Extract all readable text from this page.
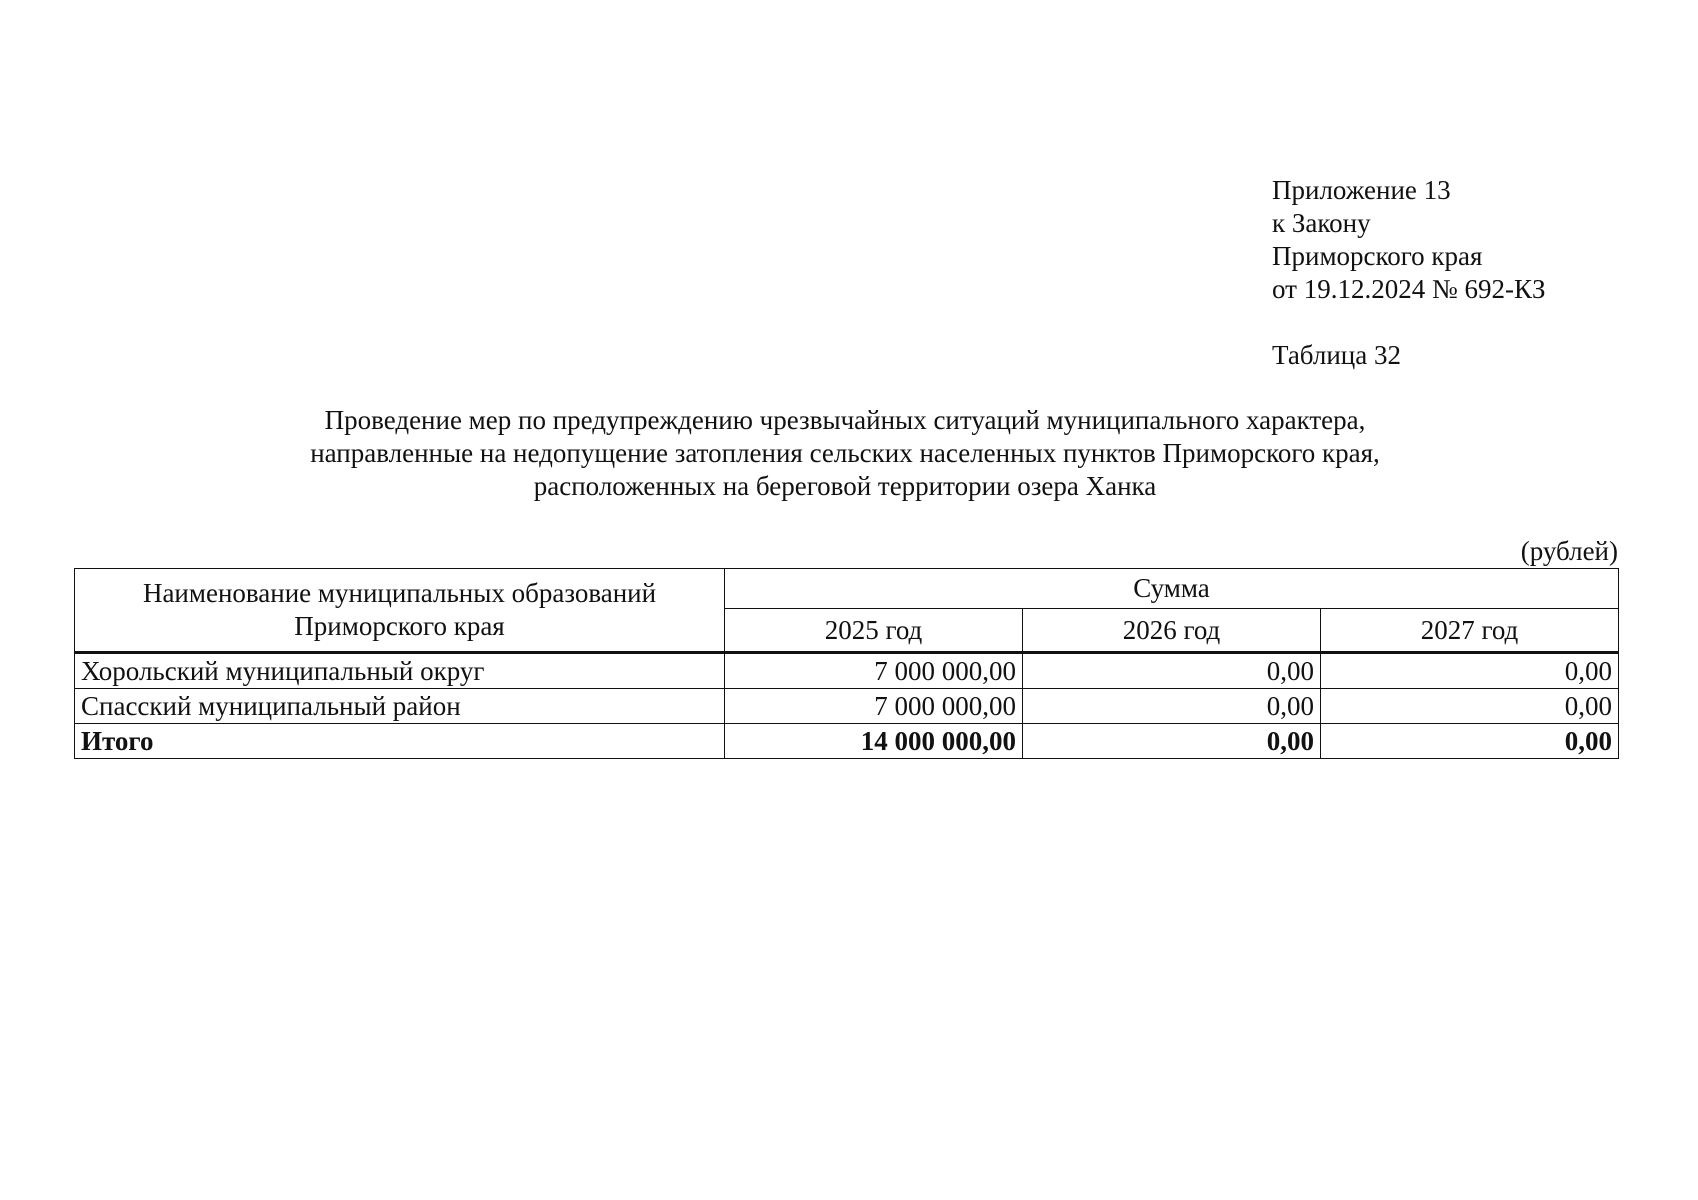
Приложение 13
к Закону
Приморского края
от 19.12.2024 № 692-КЗ
Таблица 32
Проведение мер по предупреждению чрезвычайных ситуаций муниципального характера,
направленные на недопущение затопления сельских населенных пунктов Приморского края,
расположенных на береговой территории озера Ханка
(рублей)
Наименование муниципальных образований
Приморского края	Сумма		
	2025 год	2026 год	2027 год
Хорольский муниципальный округ	7 000 000,00	0,00	0,00
Спасский муниципальный район	7 000 000,00	0,00	0,00
Итого	14 000 000,00	0,00	0,00
